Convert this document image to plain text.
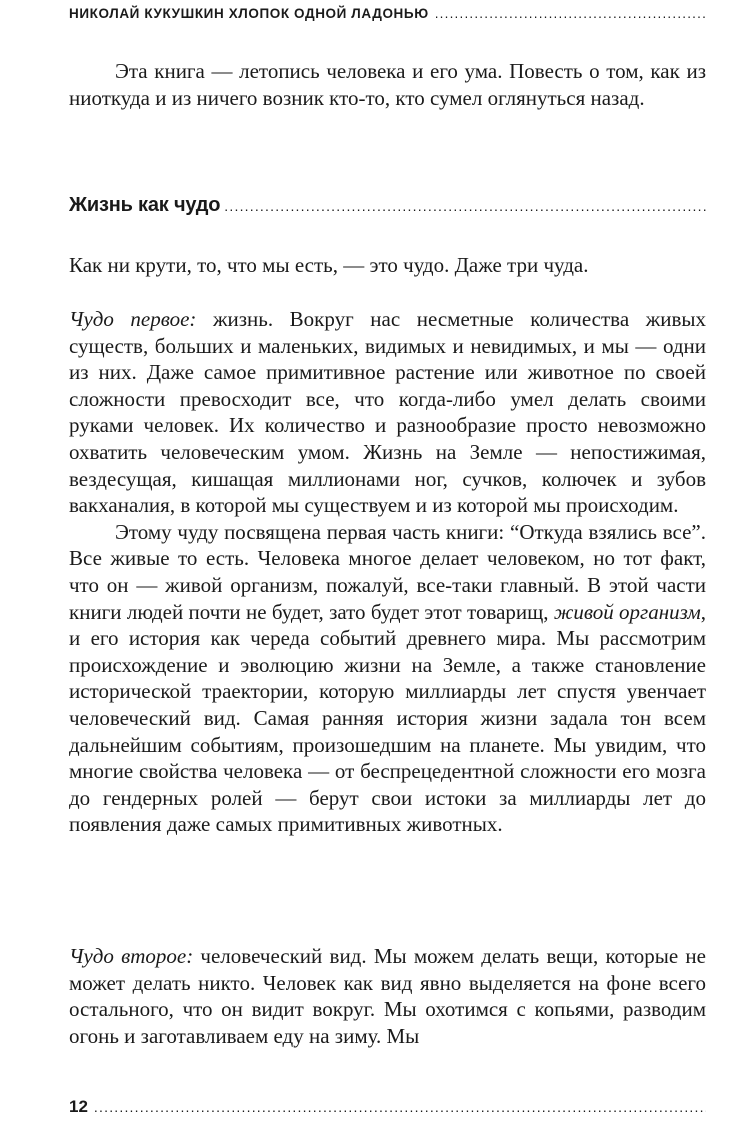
НИКОЛАЙ КУКУШКИН ХЛОПОК ОДНОЙ ЛАДОНЬЮ
.....

Эта книга — летопись человека и его ума. Повесть о том, как из ниоткуда и из ничего возник кто-то, кто сумел оглянуться назад.

Жизнь как чудо
.....

Как ни крути, то, что мы есть, — это чудо. Даже три чуда.

Чудо первое: жизнь. Вокруг нас несметные количества живых существ, больших и маленьких, видимых и невидимых, и мы — одни из них. Даже самое примитивное растение или животное по своей сложности превосходит все, что когда-либо умел делать своими руками человек. Их количество и разнообразие просто невозможно охватить человеческим умом. Жизнь на Земле — непостижимая, вездесущая, кишащая миллионами ног, сучков, колючек и зубов вакханалия, в которой мы существуем и из которой мы происходим.

Этому чуду посвящена первая часть книги: “Откуда взялись все”. Все живые то есть. Человека многое делает человеком, но тот факт, что он — живой организм, пожалуй, все-таки главный. В этой части книги людей почти не будет, зато будет этот товарищ, живой организм, и его история как череда событий древнего мира. Мы рассмотрим происхождение и эволюцию жизни на Земле, а также становление исторической траектории, которую миллиарды лет спустя увенчает человеческий вид. Самая ранняя история жизни задала тон всем дальнейшим событиям, произошедшим на планете. Мы увидим, что многие свойства человека — от беспрецедентной сложности его мозга до гендерных ролей — берут свои истоки за миллиарды лет до появления даже самых примитивных животных.

Чудо второе: человеческий вид. Мы можем делать вещи, которые не может делать никто. Человек как вид явно выделяется на фоне всего остального, что он видит вокруг. Мы охотимся с копьями, разводим огонь и заготавливаем еду на зиму. Мы

12
.....
